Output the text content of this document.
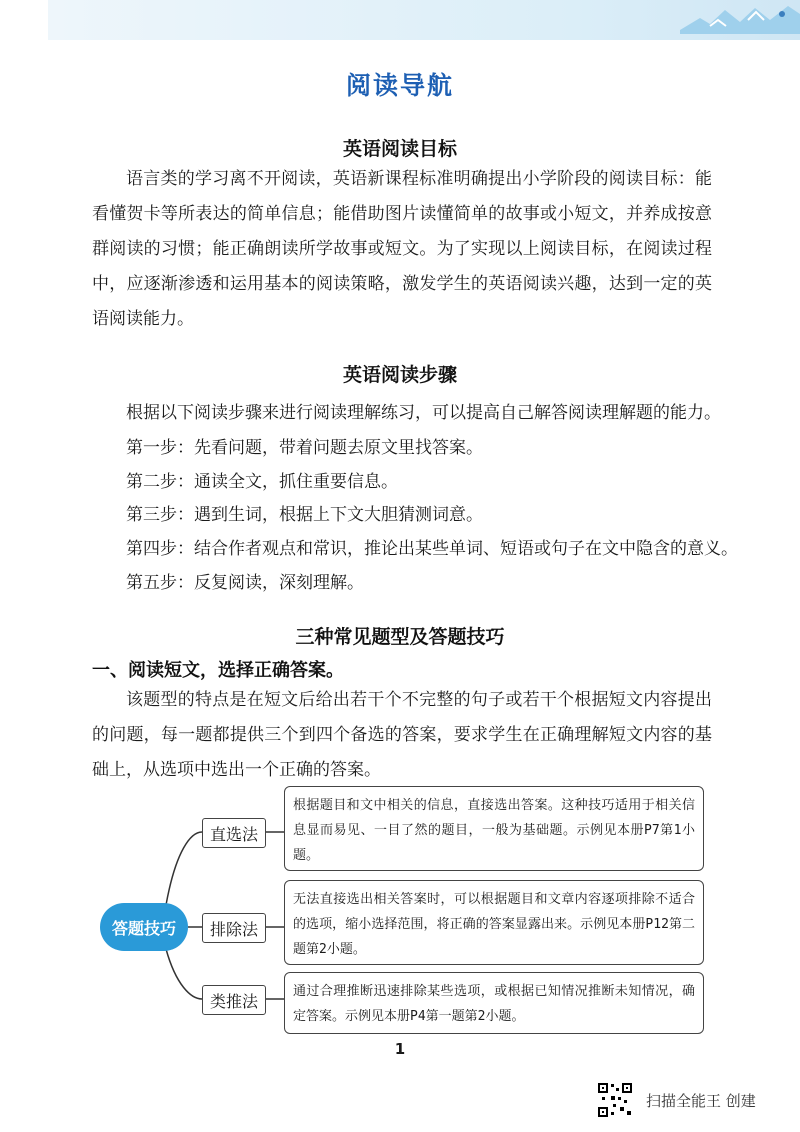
阅读导航
英语阅读目标
语言类的学习离不开阅读，英语新课程标准明确提出小学阶段的阅读目标：能看懂贺卡等所表达的简单信息；能借助图片读懂简单的故事或小短文，并养成按意群阅读的习惯；能正确朗读所学故事或短文。为了实现以上阅读目标，在阅读过程中，应逐渐渗透和运用基本的阅读策略，激发学生的英语阅读兴趣，达到一定的英语阅读能力。
英语阅读步骤
根据以下阅读步骤来进行阅读理解练习，可以提高自己解答阅读理解题的能力。
第一步：先看问题，带着问题去原文里找答案。
第二步：通读全文，抓住重要信息。
第三步：遇到生词，根据上下文大胆猜测词意。
第四步：结合作者观点和常识，推论出某些单词、短语或句子在文中隐含的意义。
第五步：反复阅读，深刻理解。
三种常见题型及答题技巧
一、阅读短文，选择正确答案。
该题型的特点是在短文后给出若干个不完整的句子或若干个根据短文内容提出的问题，每一题都提供三个到四个备选的答案，要求学生在正确理解短文内容的基础上，从选项中选出一个正确的答案。
答题技巧
直选法
根据题目和文中相关的信息，直接选出答案。这种技巧适用于相关信息显而易见、一目了然的题目，一般为基础题。示例见本册P7第1小题。
排除法
无法直接选出相关答案时，可以根据题目和文章内容逐项排除不适合的选项，缩小选择范围，将正确的答案显露出来。示例见本册P12第二题第2小题。
类推法	通过合理推断迅速排除某些选项，或根据已知情况推断未知情况，确定答案。示例见本册P4第一题第2小题。
1
扫描全能王 创建
